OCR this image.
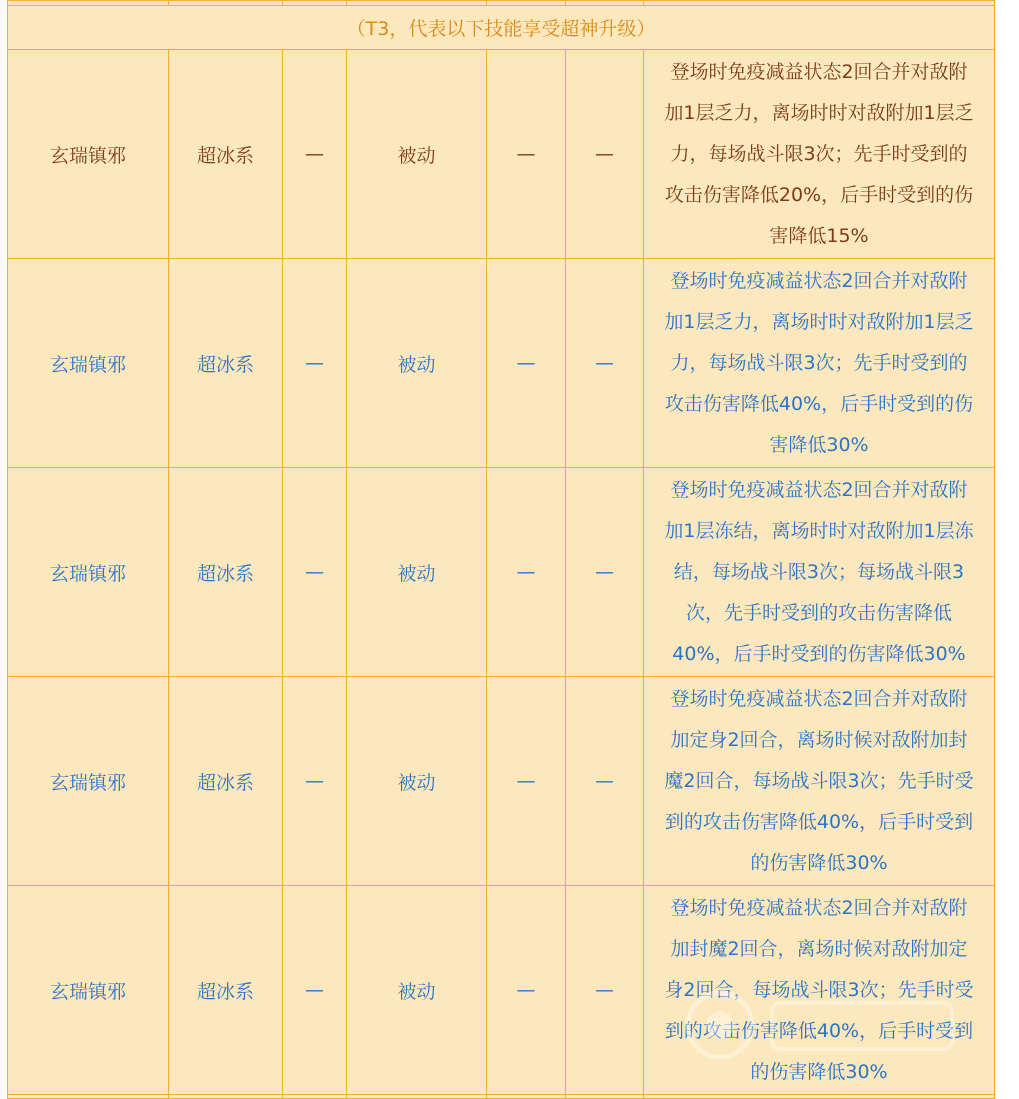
（T3，代表以下技能享受超神升级）						
玄瑞镇邪	超冰系	—	被动	—	—	登场时免疫减益状态2回合并对敌附
加1层乏力，离场时时对敌附加1层乏
力，每场战斗限3次；先手时受到的
攻击伤害降低20%，后手时受到的伤
害降低15%

玄瑞镇邪	超冰系	—	被动	—	—	登场时免疫减益状态2回合并对敌附
加1层乏力，离场时时对敌附加1层乏
力，每场战斗限3次；先手时受到的
攻击伤害降低40%，后手时受到的伤
害降低30%

玄瑞镇邪	超冰系	—	被动	—	—	登场时免疫减益状态2回合并对敌附
加1层冻结，离场时时对敌附加1层冻
结，每场战斗限3次；每场战斗限3
次，先手时受到的攻击伤害降低
40%，后手时受到的伤害降低30%

玄瑞镇邪	超冰系	—	被动	—	—	登场时免疫减益状态2回合并对敌附
加定身2回合，离场时候对敌附加封
魔2回合，每场战斗限3次；先手时受
到的攻击伤害降低40%，后手时受到
的伤害降低30%

玄瑞镇邪	超冰系	—	被动	—	—	登场时免疫减益状态2回合并对敌附
加封魔2回合，离场时候对敌附加定
身2回合，每场战斗限3次；先手时受
到的攻击伤害降低40%，后手时受到
的伤害降低30%
